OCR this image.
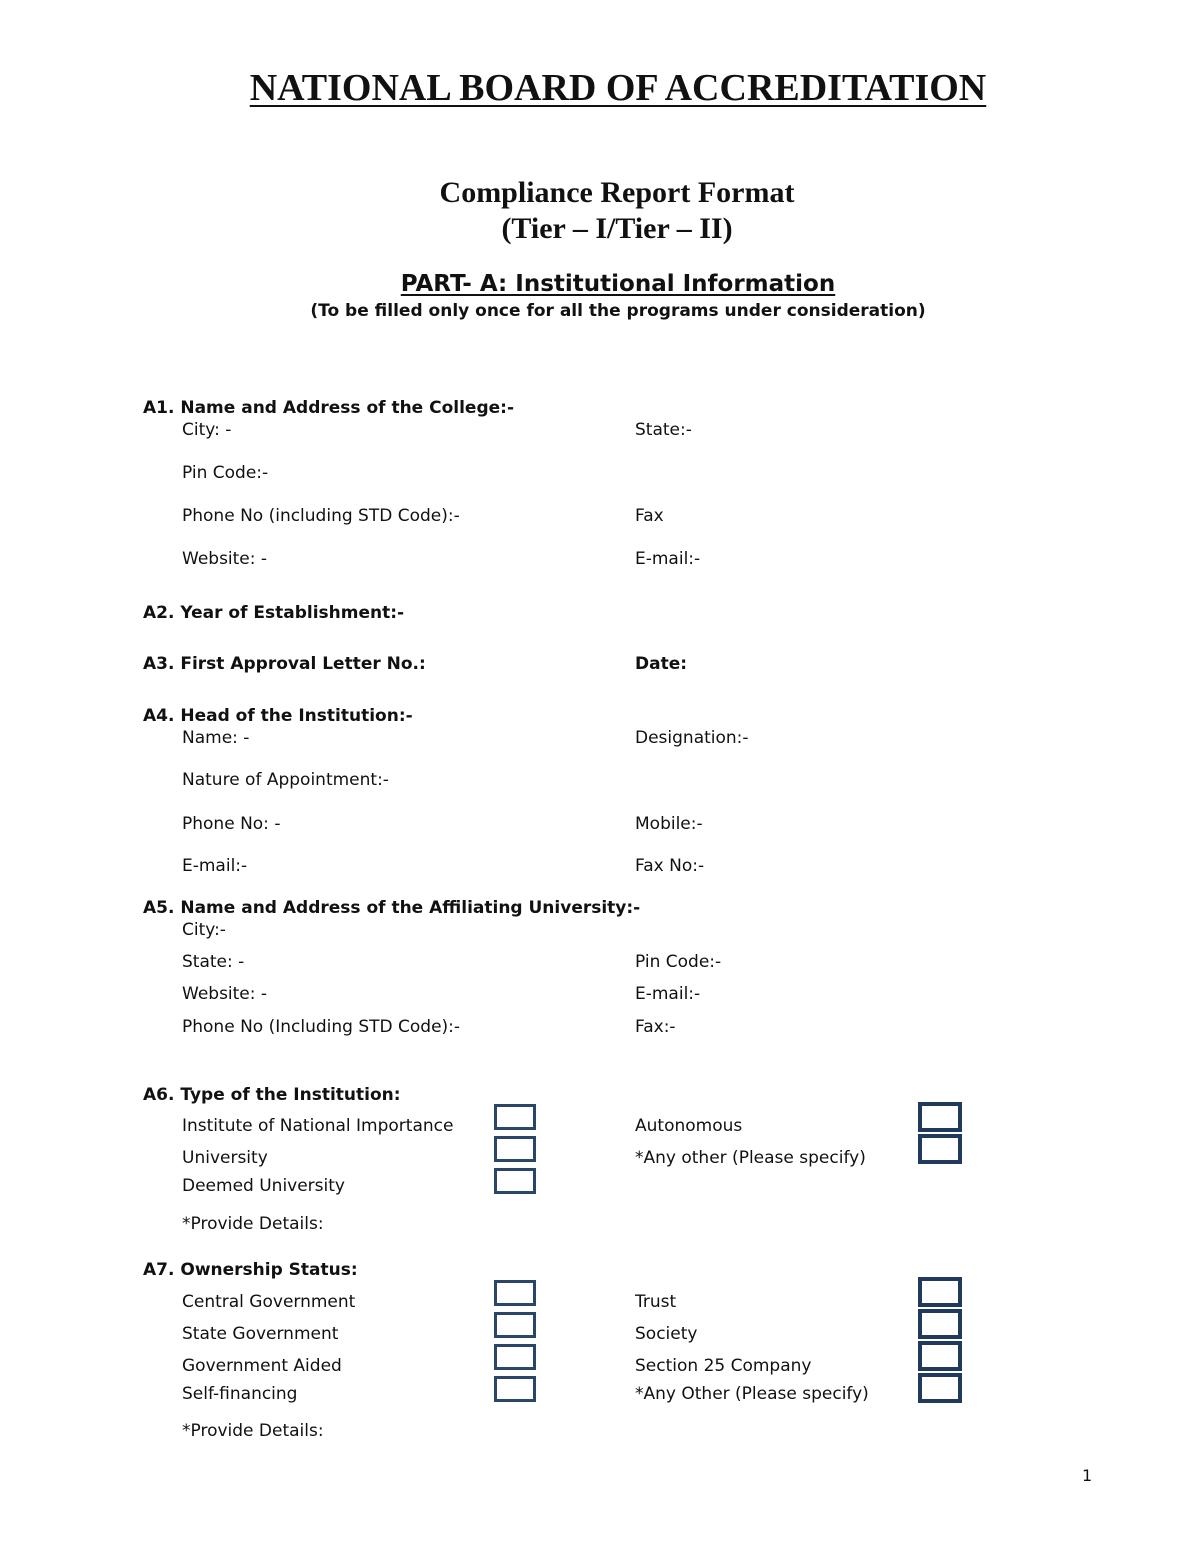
NATIONAL BOARD OF ACCREDITATION
Compliance Report Format
(Tier – I/Tier – II)
PART- A: Institutional Information
(To be filled only once for all the programs under consideration)
A1. Name and Address of the College:-
City: -	State:-
Pin Code:-
Phone No (including STD Code):-	Fax
Website: -	E-mail:-
A2. Year of Establishment:-
A3. First Approval Letter No.:	Date:
A4. Head of the Institution:-
Name: -	Designation:-
Nature of Appointment:-
Phone No: -	Mobile:-
E-mail:-	Fax No:-
A5. Name and Address of the Affiliating University:-
City:-
State: -	Pin Code:-
Website: -	E-mail:-
Phone No (Including STD Code):-	Fax:-
A6. Type of the Institution:
Institute of National Importance
University
Deemed University
Autonomous
*Any other (Please specify)
*Provide Details:
A7. Ownership Status:
Central Government
State Government
Government Aided
Self-financing
Trust
Society
Section 25 Company
*Any Other (Please specify)
*Provide Details:
1
